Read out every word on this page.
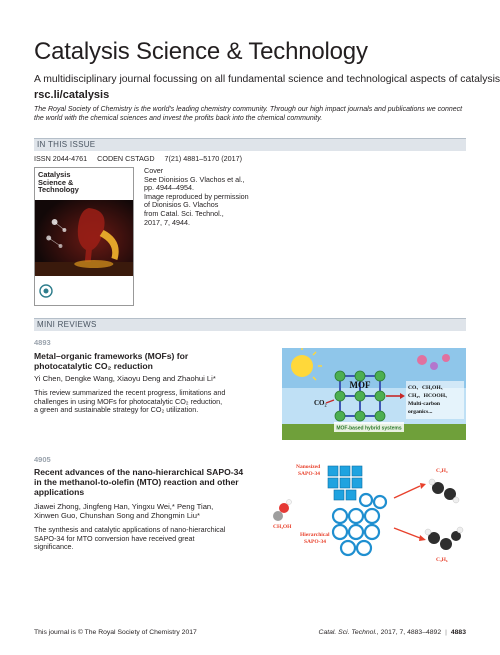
Catalysis Science & Technology
A multidisciplinary journal focussing on all fundamental science and technological aspects of catalysis
rsc.li/catalysis
The Royal Society of Chemistry is the world’s leading chemistry community. Through our high impact journals and publications we connect the world with the chemical sciences and invest the profits back into the chemical community.
IN THIS ISSUE
ISSN 2044-4761 CODEN CSTAGD 7(21) 4881–5170 (2017)
Catalysis Science & Technology
Cover
See Dionisios G. Vlachos et al.,
pp. 4944–4954.
Image reproduced by permission
of Dionisios G. Vlachos
from Catal. Sci. Technol.,
2017, 7, 4944.
MINI REVIEWS
4893
Metal–organic frameworks (MOFs) for
photocatalytic CO₂ reduction
Yi Chen, Dengke Wang, Xiaoyu Deng and Zhaohui Li*
This review summarized the recent progress, limitations and
challenges in using MOFs for photocatalytic CO₂ reduction,
a green and sustainable strategy for CO₂ utilization.
MOF-based hybrid systems
MOF
CO₂
CO、CH₃OH、
CH₄、HCOOH、
Multi-carbon
organics...
4905
Recent advances of the nano-hierarchical SAPO-34
in the methanol-to-olefin (MTO) reaction and other
applications
Jiawei Zhong, Jingfeng Han, Yingxu Wei,* Peng Tian,
Xinwen Guo, Chunshan Song and Zhongmin Liu*
The synthesis and catalytic applications of nano-hierarchical
SAPO-34 for MTO conversion have received great
significance.
Nanosized
SAPO-34
Hierarchical
SAPO-34
CH₃OH
C₂H₄
C₃H₆
This journal is © The Royal Society of Chemistry 2017	Catal. Sci. Technol., 2017, 7, 4883–4892 | 4883
